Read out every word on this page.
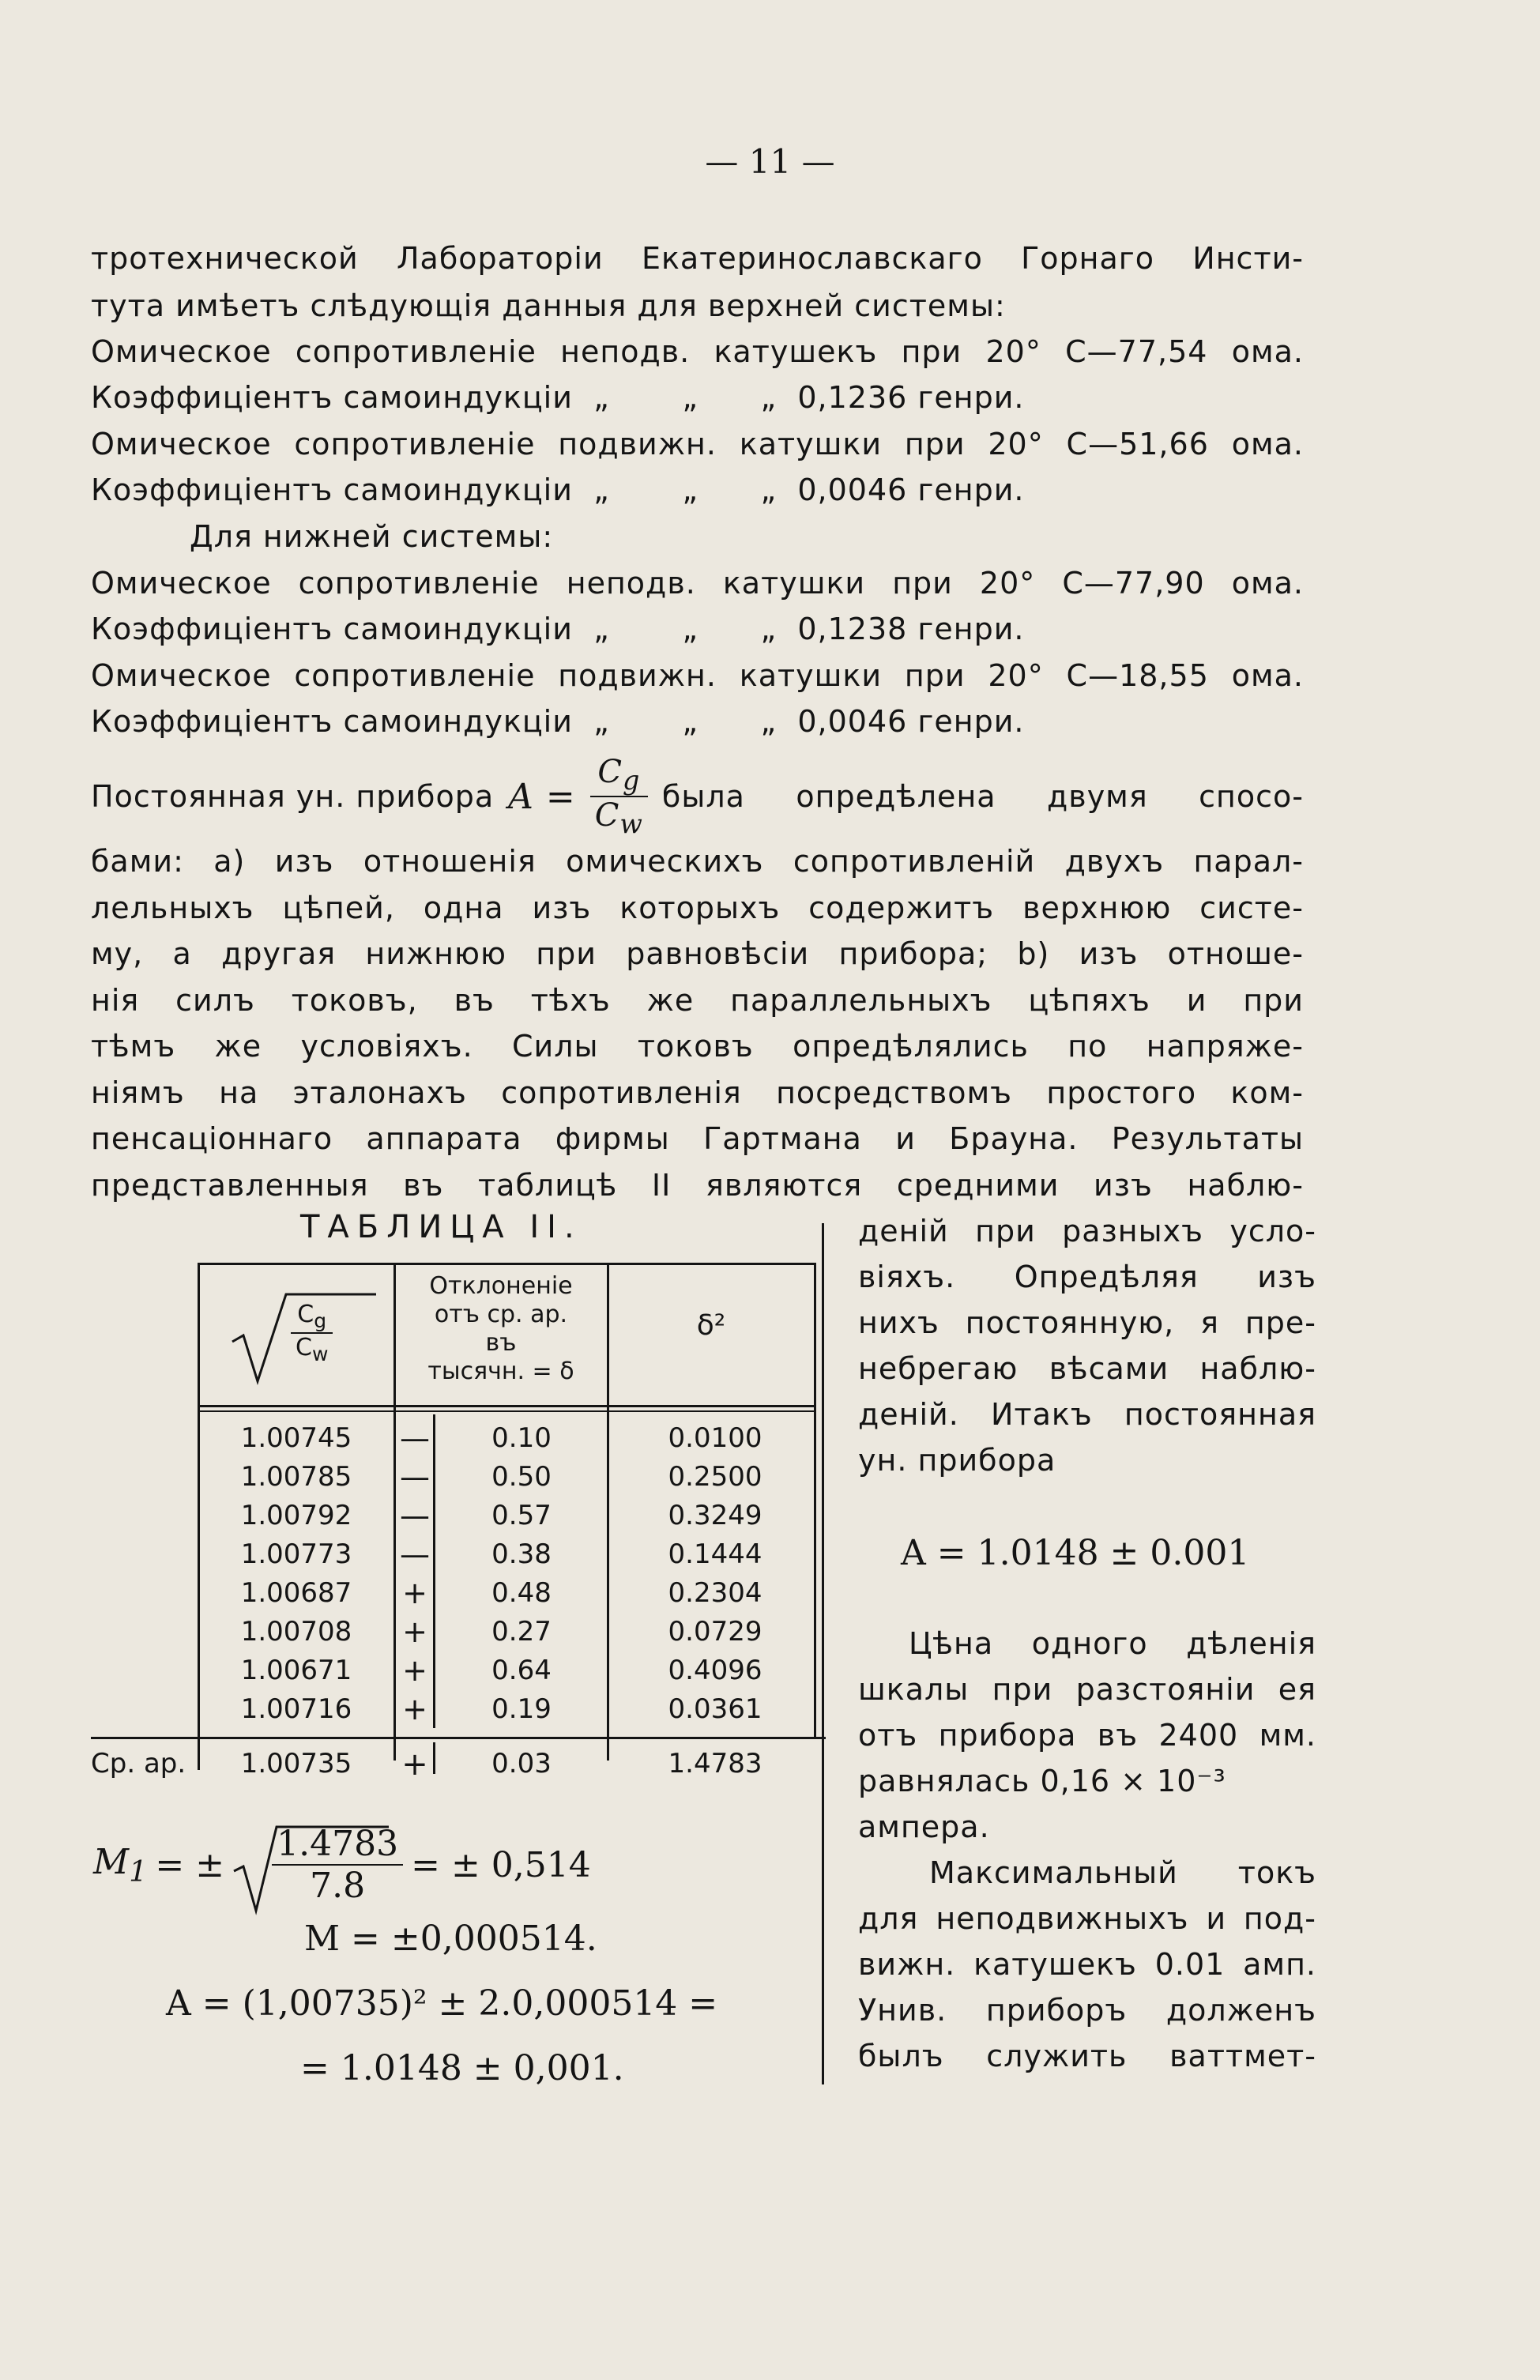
— 11 —
тротехнической Лабораторіи Екатеринославскаго Горнаго Инсти-
тута имѣетъ слѣдующія данныя для верхней системы:
Омическое сопротивленіе неподв. катушекъ при 20° С—77,54 ома.
Коэффиціентъ самоиндукціи  „       „      „  0,1236 генри.
Омическое сопротивленіе подвижн. катушки при 20° С—51,66 ома.
Коэффиціентъ самоиндукціи  „       „      „  0,0046 генри.
Для нижней системы:
Омическое сопротивленіе неподв. катушки при 20° С—77,90 ома.
Коэффиціентъ самоиндукціи  „       „      „  0,1238 генри.
Омическое сопротивленіе подвижн. катушки при 20° С—18,55 ома.
Коэффиціентъ самоиндукціи  „       „      „  0,0046 генри.
Постоянная ун. прибора $A = \frac{C_g}{C_w}$ была опредѣлена двумя спосо-
бами: a) изъ отношенія омическихъ сопротивленій двухъ парал-
лельныхъ цѣпей, одна изъ которыхъ содержитъ верхнюю систе-
му, а другая нижнюю при равновѣсіи прибора; b) изъ отноше-
нія силъ токовъ, въ тѣхъ же параллельныхъ цѣпяхъ и при
тѣмъ же условіяхъ. Силы токовъ опредѣлялись по напряже-
ніямъ на эталонахъ сопротивленія посредствомъ простого ком-
пенсаціоннаго аппарата фирмы Гартмана и Брауна. Результаты
представленныя въ таблицѣ II являются средними изъ наблю-
ТАБЛИЦА II.
$\frac{C_g}{C_w}$
Отклоненіе
отъ ср. ар.
въ
тысячн. = δ
δ²
1.00745	—	0.10	0.0100
1.00785	—	0.50	0.2500
1.00792	—	0.57	0.3249
1.00773	—	0.38	0.1444
1.00687	+	0.48	0.2304
1.00708	+	0.27	0.0729
1.00671	+	0.64	0.4096
1.00716	+	0.19	0.0361
Ср. ар.	1.00735	+	0.03	1.4783
$M_1$ = ± $\frac{1.4783}{7.8}$ = ± 0,514
M = ±0,000514.
A = (1,00735)² ± 2.0,000514 =
= 1.0148 ± 0,001.
деній при разныхъ усло-
віяхъ. Опредѣляя изъ
нихъ постоянную, я пре-
небрегаю вѣсами наблю-
деній. Итакъ постоянная
ун. прибора
A = 1.0148 ± 0.001
Цѣна одного дѣленія
шкалы при разстояніи ея
отъ прибора въ 2400 мм.
равнялась 0,16 × 10⁻³
ампера.
Максимальный токъ
для неподвижныхъ и под-
вижн. катушекъ 0.01 амп.
Унив. приборъ долженъ
былъ служить ваттмет-
